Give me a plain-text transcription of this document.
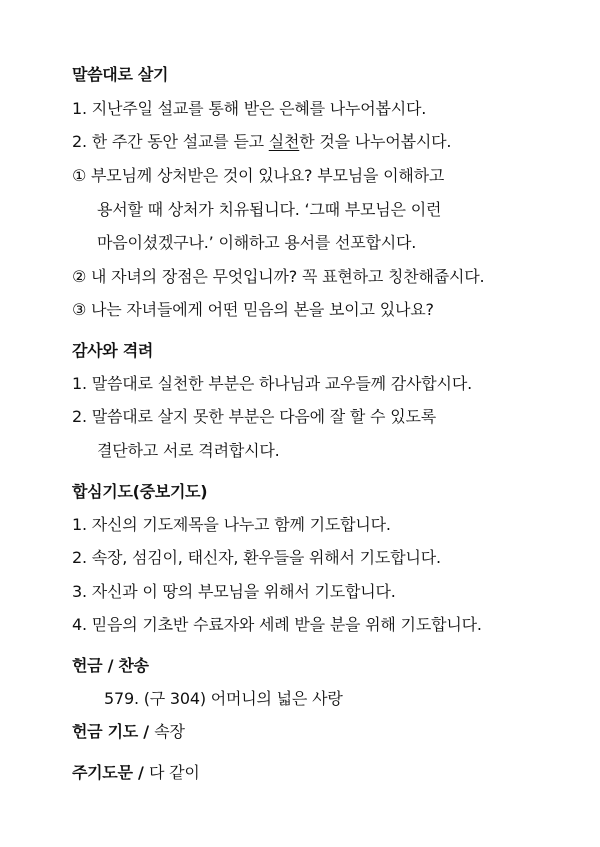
말씀대로 살기
1. 지난주일 설교를 통해 받은 은혜를 나누어봅시다.
2. 한 주간 동안 설교를 듣고 실천한 것을 나누어봅시다.
① 부모님께 상처받은 것이 있나요? 부모님을 이해하고
용서할 때 상처가 치유됩니다. ‘그때 부모님은 이런
마음이셨겠구나.’ 이해하고 용서를 선포합시다.
② 내 자녀의 장점은 무엇입니까? 꼭 표현하고 칭찬해줍시다.
③ 나는 자녀들에게 어떤 믿음의 본을 보이고 있나요?
감사와 격려
1. 말씀대로 실천한 부분은 하나님과 교우들께 감사합시다.
2. 말씀대로 살지 못한 부분은 다음에 잘 할 수 있도록
결단하고 서로 격려합시다.
합심기도(중보기도)
1. 자신의 기도제목을 나누고 함께 기도합니다.
2. 속장, 섬김이, 태신자, 환우들을 위해서 기도합니다.
3. 자신과 이 땅의 부모님을 위해서 기도합니다.
4. 믿음의 기초반 수료자와 세례 받을 분을 위해 기도합니다.
헌금 / 찬송
579. (구 304) 어머니의 넓은 사랑
헌금 기도 / 속장
주기도문 / 다 같이
